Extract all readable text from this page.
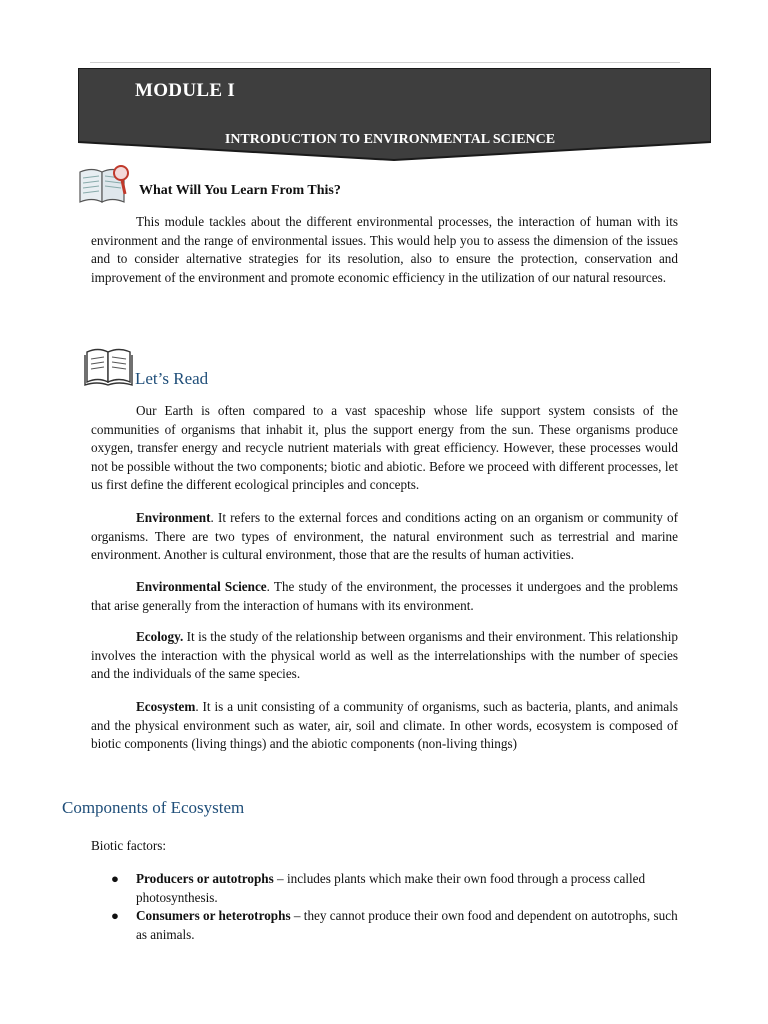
MODULE I
INTRODUCTION TO ENVIRONMENTAL SCIENCE
What Will You Learn From This?

This module tackles about the different environmental processes, the interaction of human with its environment and the range of environmental issues. This would help you to assess the dimension of the issues and to consider alternative strategies for its resolution, also to ensure the protection, conservation and improvement of the environment and promote economic efficiency in the utilization of our natural resources.

Let’s Read

Our Earth is often compared to a vast spaceship whose life support system consists of the communities of organisms that inhabit it, plus the support energy from the sun. These organisms produce oxygen, transfer energy and recycle nutrient materials with great efficiency. However, these processes would not be possible without the two components; biotic and abiotic. Before we proceed with different processes, let us first define the different ecological principles and concepts.

Environment. It refers to the external forces and conditions acting on an organism or community of organisms. There are two types of environment, the natural environment such as terrestrial and marine environment. Another is cultural environment, those that are the results of human activities.

Environmental Science. The study of the environment, the processes it undergoes and the problems that arise generally from the interaction of humans with its environment.

Ecology. It is the study of the relationship between organisms and their environment. This relationship involves the interaction with the physical world as well as the interrelationships with the number of species and the individuals of the same species.

Ecosystem. It is a unit consisting of a community of organisms, such as bacteria, plants, and animals and the physical environment such as water, air, soil and climate. In other words, ecosystem is composed of biotic components (living things) and the abiotic components (non-living things)

Components of Ecosystem
Biotic factors:
● Producers or autotrophs – includes plants which make their own food through a process called photosynthesis.
● Consumers or heterotrophs – they cannot produce their own food and dependent on autotrophs, such as animals.
